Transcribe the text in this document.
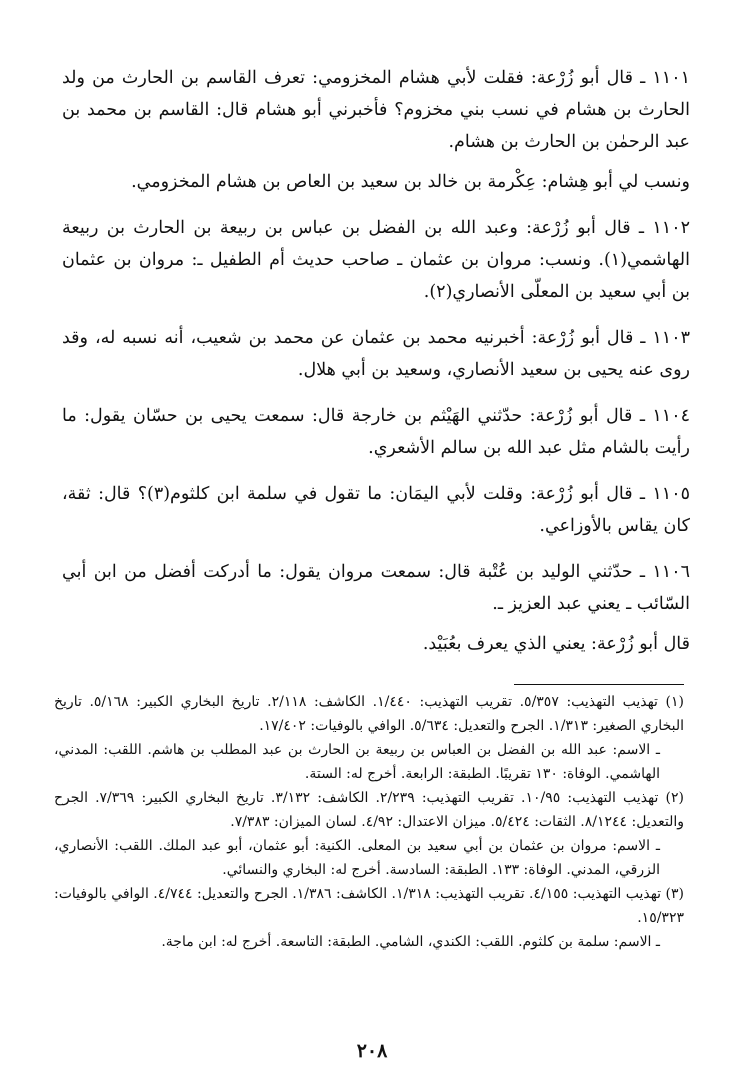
١١٠١ ـ قال أبو زُرْعة: فقلت لأبي هشام المخزومي: تعرف القاسم بن الحارث من ولد الحارث بن هشام في نسب بني مخزوم؟ فأخبرني أبو هشام قال: القاسم بن محمد بن عبد الرحمٰن بن الحارث بن هشام.

ونسب لي أبو هِشام: عِكْرمة بن خالد بن سعيد بن العاص بن هشام المخزومي.

١١٠٢ ـ قال أبو زُرْعة: وعبد الله بن الفضل بن عباس بن ربيعة بن الحارث بن ربيعة الهاشمي(١). ونسب: مروان بن عثمان ـ صاحب حديث أم الطفيل ـ: مروان بن عثمان بن أبي سعيد بن المعلّى الأنصاري(٢).

١١٠٣ ـ قال أبو زُرْعة: أخبرنيه محمد بن عثمان عن محمد بن شعيب، أنه نسبه له، وقد روى عنه يحيى بن سعيد الأنصاري، وسعيد بن أبي هلال.

١١٠٤ ـ قال أبو زُرْعة: حدّثني الهَيْثم بن خارجة قال: سمعت يحيى بن حسّان يقول: ما رأيت بالشام مثل عبد الله بن سالم الأشعري.

١١٠٥ ـ قال أبو زُرْعة: وقلت لأبي اليمَان: ما تقول في سلمة ابن كلثوم(٣)؟ قال: ثقة، كان يقاس بالأوزاعي.

١١٠٦ ـ حدّثني الوليد بن عُتْبة قال: سمعت مروان يقول: ما أدركت أفضل من ابن أبي السّائب ـ يعني عبد العزيز ـ.

قال أبو زُرْعة: يعني الذي يعرف بعُبَيْد.

(١) تهذيب التهذيب: ٥/٣٥٧. تقريب التهذيب: ١/٤٤٠. الكاشف: ٢/١١٨. تاريخ البخاري الكبير: ٥/١٦٨. تاريخ البخاري الصغير: ١/٣١٣. الجرح والتعديل: ٥/٦٣٤. الوافي بالوفيات: ١٧/٤٠٢.

ـ الاسم: عبد الله بن الفضل بن العباس بن ربيعة بن الحارث بن عبد المطلب بن هاشم. اللقب: المدني، الهاشمي. الوفاة: ١٣٠ تقريبًا. الطبقة: الرابعة. أخرج له: الستة.

(٢) تهذيب التهذيب: ١٠/٩٥. تقريب التهذيب: ٢/٢٣٩. الكاشف: ٣/١٣٢. تاريخ البخاري الكبير: ٧/٣٦٩. الجرح والتعديل: ٨/١٢٤٤. الثقات: ٥/٤٢٤. ميزان الاعتدال: ٤/٩٢. لسان الميزان: ٧/٣٨٣.

ـ الاسم: مروان بن عثمان بن أبي سعيد بن المعلى. الكنية: أبو عثمان، أبو عبد الملك. اللقب: الأنصاري، الزرقي، المدني. الوفاة: ١٣٣. الطبقة: السادسة. أخرج له: البخاري والنسائي.

(٣) تهذيب التهذيب: ٤/١٥٥. تقريب التهذيب: ١/٣١٨. الكاشف: ١/٣٨٦. الجرح والتعديل: ٤/٧٤٤. الوافي بالوفيات: ١٥/٣٢٣.

ـ الاسم: سلمة بن كلثوم. اللقب: الكندي، الشامي. الطبقة: التاسعة. أخرج له: ابن ماجة.

٢٠٨
